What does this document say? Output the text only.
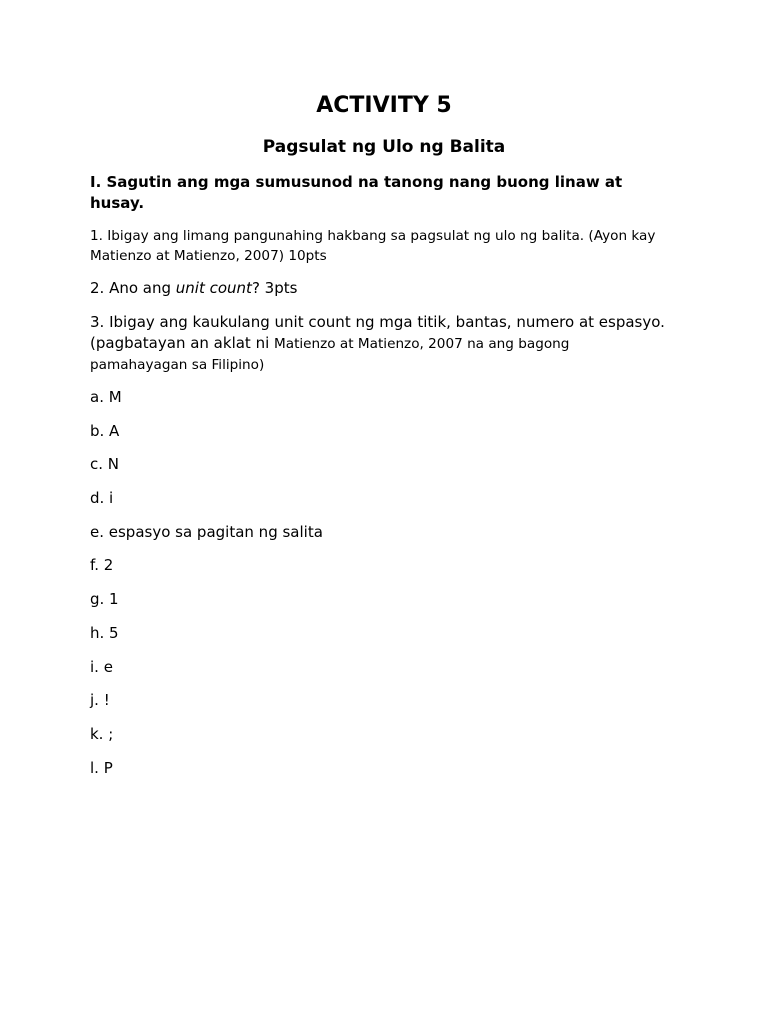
ACTIVITY 5
Pagsulat ng Ulo ng Balita
I. Sagutin ang mga sumusunod na tanong nang buong linaw at
husay.
1. Ibigay ang limang pangunahing hakbang sa pagsulat ng ulo ng balita. (Ayon kay
Matienzo at Matienzo, 2007) 10pts
2. Ano ang unit count? 3pts
3. Ibigay ang kaukulang unit count ng mga titik, bantas, numero at espasyo.
(pagbatayan an aklat ni Matienzo at Matienzo, 2007 na ang bagong
pamahayagan sa Filipino)
a. M
b. A
c. N
d. i
e. espasyo sa pagitan ng salita
f. 2
g. 1
h. 5
i. e
j. !
k. ;
l. P
